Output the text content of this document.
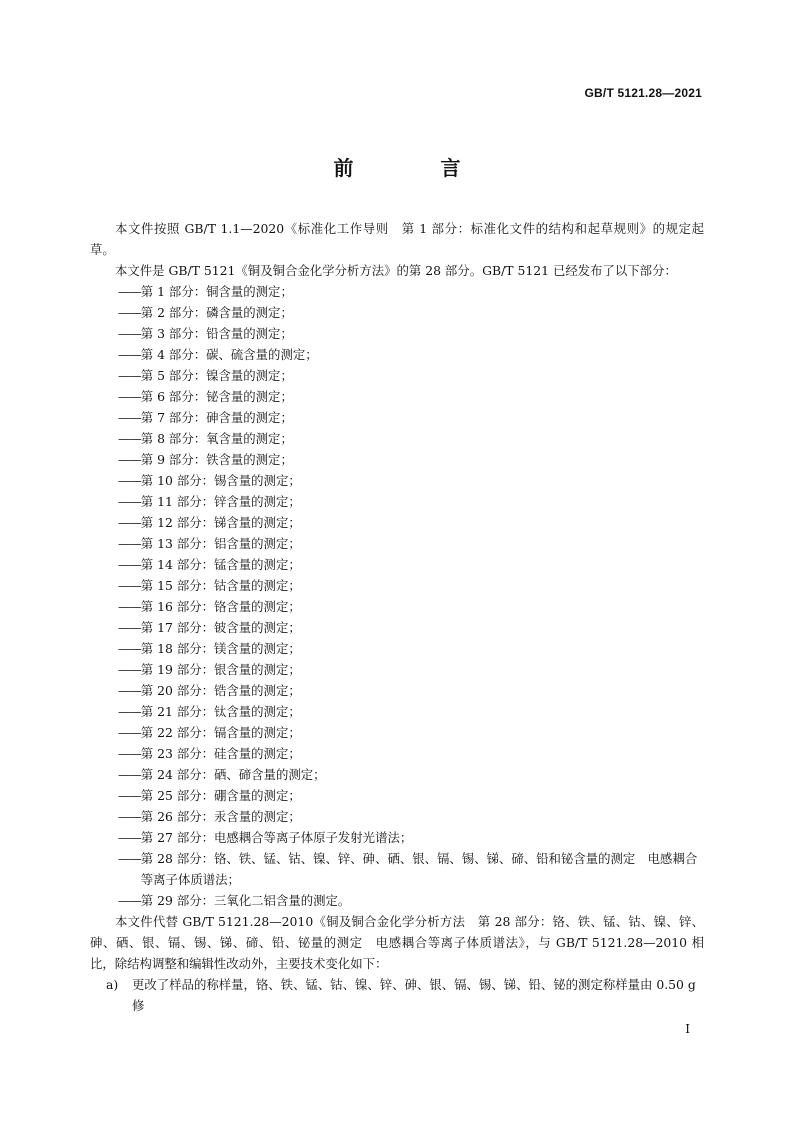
GB/T 5121.28—2021
前 言

本文件按照 GB/T 1.1—2020《标准化工作导则　第 1 部分：标准化文件的结构和起草规则》的规定起草。

本文件是 GB/T 5121《铜及铜合金化学分析方法》的第 28 部分。GB/T 5121 已经发布了以下部分：

—— 第 1 部分：铜含量的测定；
—— 第 2 部分：磷含量的测定；
—— 第 3 部分：铅含量的测定；
—— 第 4 部分：碳、硫含量的测定；
—— 第 5 部分：镍含量的测定；
—— 第 6 部分：铋含量的测定；
—— 第 7 部分：砷含量的测定；
—— 第 8 部分：氧含量的测定；
—— 第 9 部分：铁含量的测定；
—— 第 10 部分：锡含量的测定；
—— 第 11 部分：锌含量的测定；
—— 第 12 部分：锑含量的测定；
—— 第 13 部分：铝含量的测定；
—— 第 14 部分：锰含量的测定；
—— 第 15 部分：钴含量的测定；
—— 第 16 部分：铬含量的测定；
—— 第 17 部分：铍含量的测定；
—— 第 18 部分：镁含量的测定；
—— 第 19 部分：银含量的测定；
—— 第 20 部分：锆含量的测定；
—— 第 21 部分：钛含量的测定；
—— 第 22 部分：镉含量的测定；
—— 第 23 部分：硅含量的测定；
—— 第 24 部分：硒、碲含量的测定；
—— 第 25 部分：硼含量的测定；
—— 第 26 部分：汞含量的测定；
—— 第 27 部分：电感耦合等离子体原子发射光谱法；
—— 第 28 部分：铬、铁、锰、钴、镍、锌、砷、硒、银、镉、锡、锑、碲、铅和铋含量的测定　电感耦合等离子体质谱法；
—— 第 29 部分：三氧化二铝含量的测定。

本文件代替 GB/T 5121.28—2010《铜及铜合金化学分析方法　第 28 部分：铬、铁、锰、钴、镍、锌、砷、硒、银、镉、锡、锑、碲、铅、铋量的测定　电感耦合等离子体质谱法》，与 GB/T 5121.28—2010 相比，除结构调整和编辑性改动外，主要技术变化如下：

a)	更改了样品的称样量，铬、铁、锰、钴、镍、锌、砷、银、镉、锡、锑、铅、铋的测定称样量由 0.50 g 修
I
